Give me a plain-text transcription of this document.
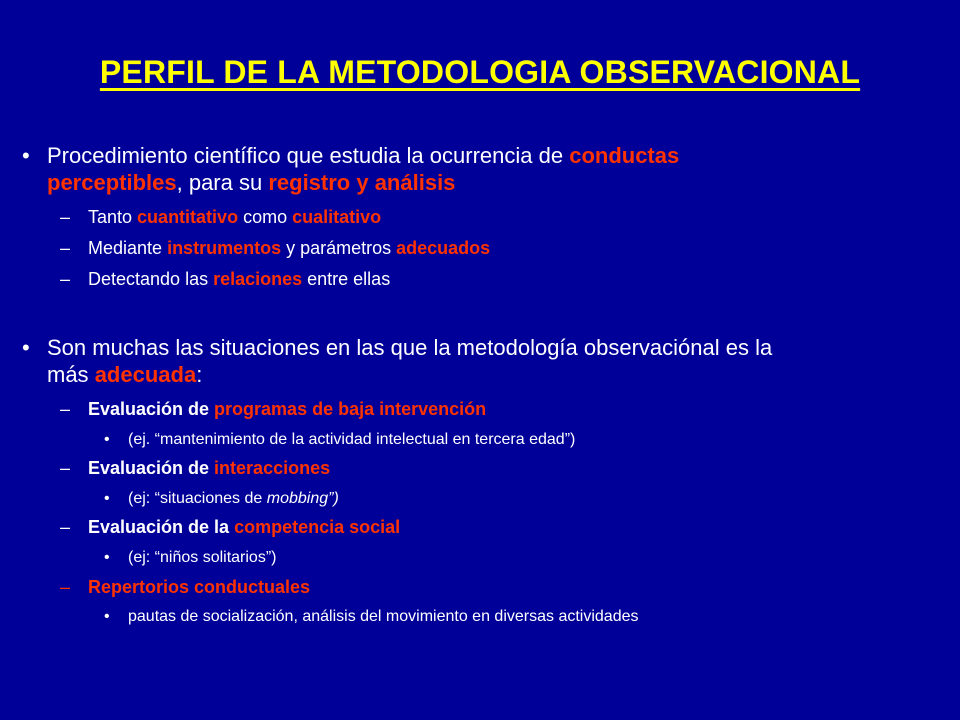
PERFIL DE LA METODOLOGIA OBSERVACIONAL
• Procedimiento científico que estudia la ocurrencia de conductas
perceptibles, para su registro y análisis
– Tanto cuantitativo como cualitativo
– Mediante instrumentos y parámetros adecuados
– Detectando las relaciones entre ellas
• Son muchas las situaciones en las que la metodología observaciónal es la
más adecuada:
– Evaluación de programas de baja intervención
• (ej. “mantenimiento de la actividad intelectual en tercera edad”)
– Evaluación de interacciones
• (ej: “situaciones de mobbing”)
– Evaluación de la competencia social
• (ej: “niños solitarios”)
– Repertorios conductuales
• pautas de socialización, análisis del movimiento en diversas actividades
